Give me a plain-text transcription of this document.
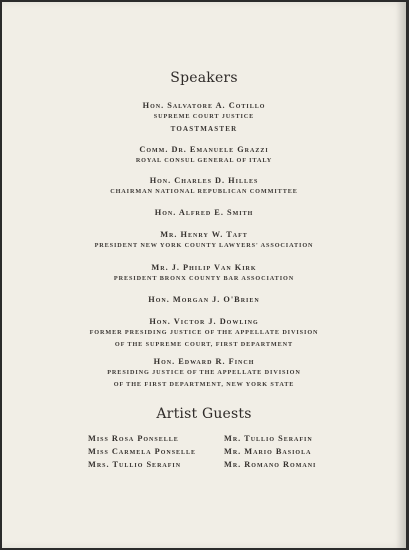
Speakers
Hon. Salvatore A. Cotillo
SUPREME COURT JUSTICE
TOASTMASTER
Comm. Dr. Emanuele Grazzi
ROYAL CONSUL GENERAL OF ITALY
Hon. Charles D. Hilles
CHAIRMAN NATIONAL REPUBLICAN COMMITTEE
Hon. Alfred E. Smith
Mr. Henry W. Taft
PRESIDENT NEW YORK COUNTY LAWYERS' ASSOCIATION
Mr. J. Philip Van Kirk
PRESIDENT BRONX COUNTY BAR ASSOCIATION
Hon. Morgan J. O'Brien
Hon. Victor J. Dowling
FORMER PRESIDING JUSTICE OF THE APPELLATE DIVISION
OF THE SUPREME COURT, FIRST DEPARTMENT
Hon. Edward R. Finch
PRESIDING JUSTICE OF THE APPELLATE DIVISION
OF THE FIRST DEPARTMENT, NEW YORK STATE
Artist Guests
Miss Rosa Ponselle
Miss Carmela Ponselle
Mrs. Tullio Serafin
Mr. Tullio Serafin
Mr. Mario Basiola
Mr. Romano Romani
